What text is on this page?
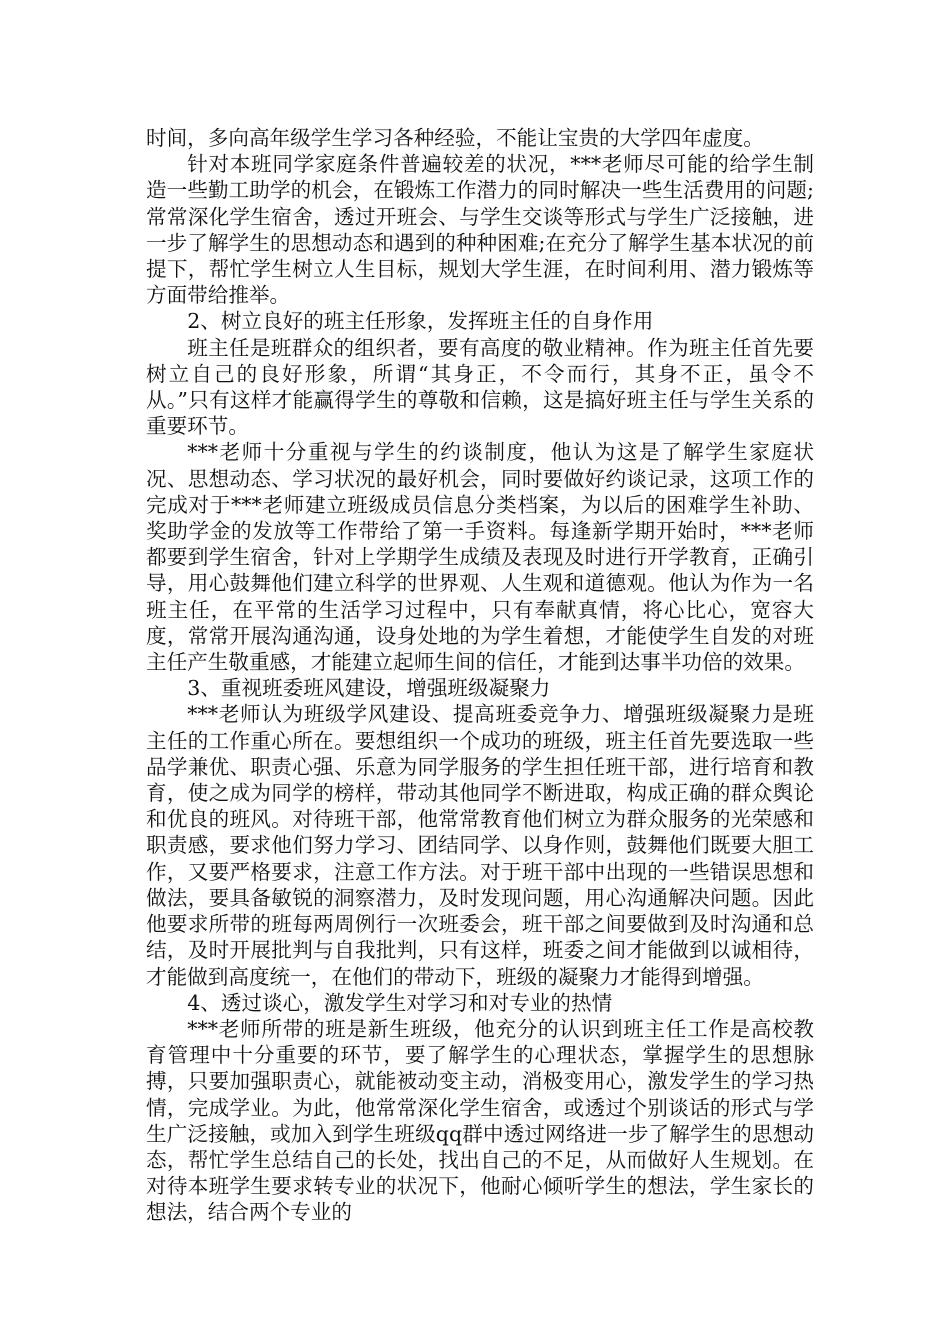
时间，多向高年级学生学习各种经验，不能让宝贵的大学四年虚度。

针对本班同学家庭条件普遍较差的状况，***老师尽可能的给学生制造一些勤工助学的机会，在锻炼工作潜力的同时解决一些生活费用的问题;常常深化学生宿舍，透过开班会、与学生交谈等形式与学生广泛接触，进一步了解学生的思想动态和遇到的种种困难;在充分了解学生基本状况的前提下，帮忙学生树立人生目标，规划大学生涯，在时间利用、潜力锻炼等方面带给推举。

2、树立良好的班主任形象，发挥班主任的自身作用

班主任是班群众的组织者，要有高度的敬业精神。作为班主任首先要树立自己的良好形象，所谓“其身正，不令而行，其身不正，虽令不从。”只有这样才能赢得学生的尊敬和信赖，这是搞好班主任与学生关系的重要环节。

***老师十分重视与学生的约谈制度，他认为这是了解学生家庭状况、思想动态、学习状况的最好机会，同时要做好约谈记录，这项工作的完成对于***老师建立班级成员信息分类档案，为以后的困难学生补助、奖助学金的发放等工作带给了第一手资料。每逢新学期开始时，***老师都要到学生宿舍，针对上学期学生成绩及表现及时进行开学教育，正确引导，用心鼓舞他们建立科学的世界观、人生观和道德观。他认为作为一名班主任，在平常的生活学习过程中，只有奉献真情，将心比心，宽容大度，常常开展沟通沟通，设身处地的为学生着想，才能使学生自发的对班主任产生敬重感，才能建立起师生间的信任，才能到达事半功倍的效果。

3、重视班委班风建设，增强班级凝聚力

***老师认为班级学风建设、提高班委竞争力、增强班级凝聚力是班主任的工作重心所在。要想组织一个成功的班级，班主任首先要选取一些品学兼优、职责心强、乐意为同学服务的学生担任班干部，进行培育和教育，使之成为同学的榜样，带动其他同学不断进取，构成正确的群众舆论和优良的班风。对待班干部，他常常教育他们树立为群众服务的光荣感和职责感，要求他们努力学习、团结同学、以身作则，鼓舞他们既要大胆工作，又要严格要求，注意工作方法。对于班干部中出现的一些错误思想和做法，要具备敏锐的洞察潜力，及时发现问题，用心沟通解决问题。因此他要求所带的班每两周例行一次班委会，班干部之间要做到及时沟通和总结，及时开展批判与自我批判，只有这样，班委之间才能做到以诚相待，才能做到高度统一，在他们的带动下，班级的凝聚力才能得到增强。

4、透过谈心，激发学生对学习和对专业的热情

***老师所带的班是新生班级，他充分的认识到班主任工作是高校教育管理中十分重要的环节，要了解学生的心理状态，掌握学生的思想脉搏，只要加强职责心，就能被动变主动，消极变用心，激发学生的学习热情，完成学业。为此，他常常深化学生宿舍，或透过个别谈话的形式与学生广泛接触，或加入到学生班级qq群中透过网络进一步了解学生的思想动态，帮忙学生总结自己的长处，找出自己的不足，从而做好人生规划。在对待本班学生要求转专业的状况下，他耐心倾听学生的想法，学生家长的想法，结合两个专业的
